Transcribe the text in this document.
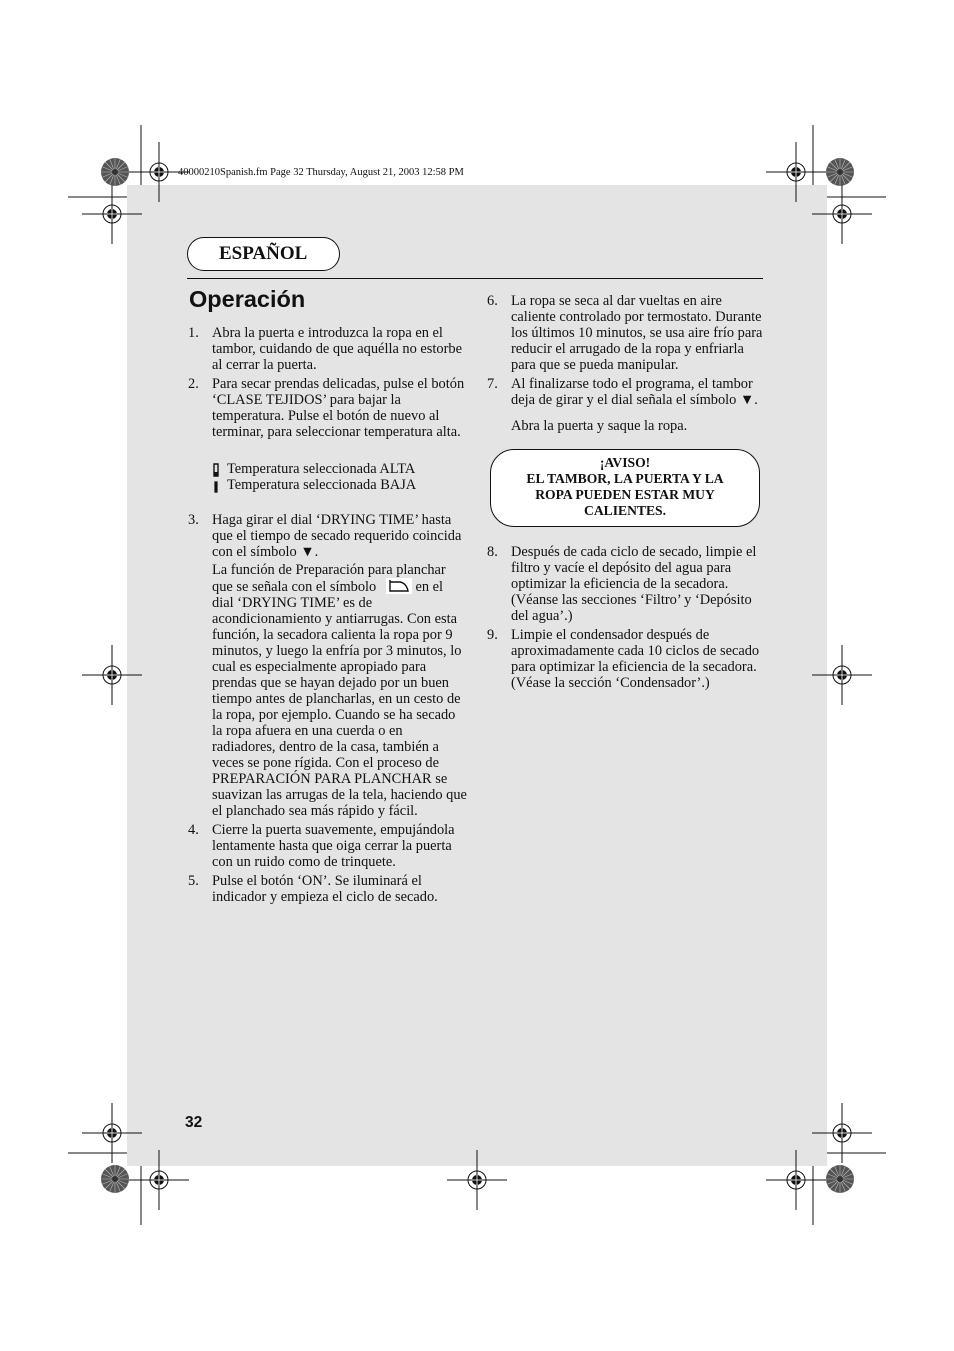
40000210Spanish.fm Page 32 Thursday, August 21, 2003 12:58 PM
ESPAÑOL
Operación
1. Abra la puerta e introduzca la ropa en el tambor, cuidando de que aquélla no estorbe al cerrar la puerta.

2. Para secar prendas delicadas, pulse el botón ‘CLASE TEJIDOS’ para bajar la temperatura. Pulse el botón de nuevo al terminar, para seleccionar temperatura alta.

Temperatura seleccionada ALTA
Temperatura seleccionada BAJA
3. Haga girar el dial ‘DRYING TIME’ hasta que el tiempo de secado requerido coincida con el símbolo ▼.

La función de Preparación para planchar que se señala con el símbolo	en el dial ‘DRYING TIME’ es de acondicionamiento y antiarrugas. Con esta función, la secadora calienta la ropa por 9 minutos, y luego la enfría por 3 minutos, lo cual es especialmente apropiado para prendas que se hayan dejado por un buen tiempo antes de plancharlas, en un cesto de la ropa, por ejemplo. Cuando se ha secado la ropa afuera en una cuerda o en radiadores, dentro de la casa, también a veces se pone rígida. Con el proceso de PREPARACIÓN PARA PLANCHAR se suavizan las arrugas de la tela, haciendo que el planchado sea más rápido y fácil.

4. Cierre la puerta suavemente, empujándola lentamente hasta que oiga cerrar la puerta con un ruido como de trinquete.

5. Pulse el botón ‘ON’. Se iluminará el indicador y empieza el ciclo de secado.

6. La ropa se seca al dar vueltas en aire caliente controlado por termostato. Durante los últimos 10 minutos, se usa aire frío para reducir el arrugado de la ropa y enfriarla para que se pueda manipular.

7. Al finalizarse todo el programa, el tambor deja de girar y el dial señala el símbolo ▼.

Abra la puerta y saque la ropa.

¡AVISO!
EL TAMBOR, LA PUERTA Y LA
ROPA PUEDEN ESTAR MUY
CALIENTES.
8. Después de cada ciclo de secado, limpie el filtro y vacíe el depósito del agua para optimizar la eficiencia de la secadora. (Véanse las secciones ‘Filtro’ y ‘Depósito del agua’.)

9. Limpie el condensador después de aproximadamente cada 10 ciclos de secado para optimizar la eficiencia de la secadora. (Véase la sección ‘Condensador’.)

32
